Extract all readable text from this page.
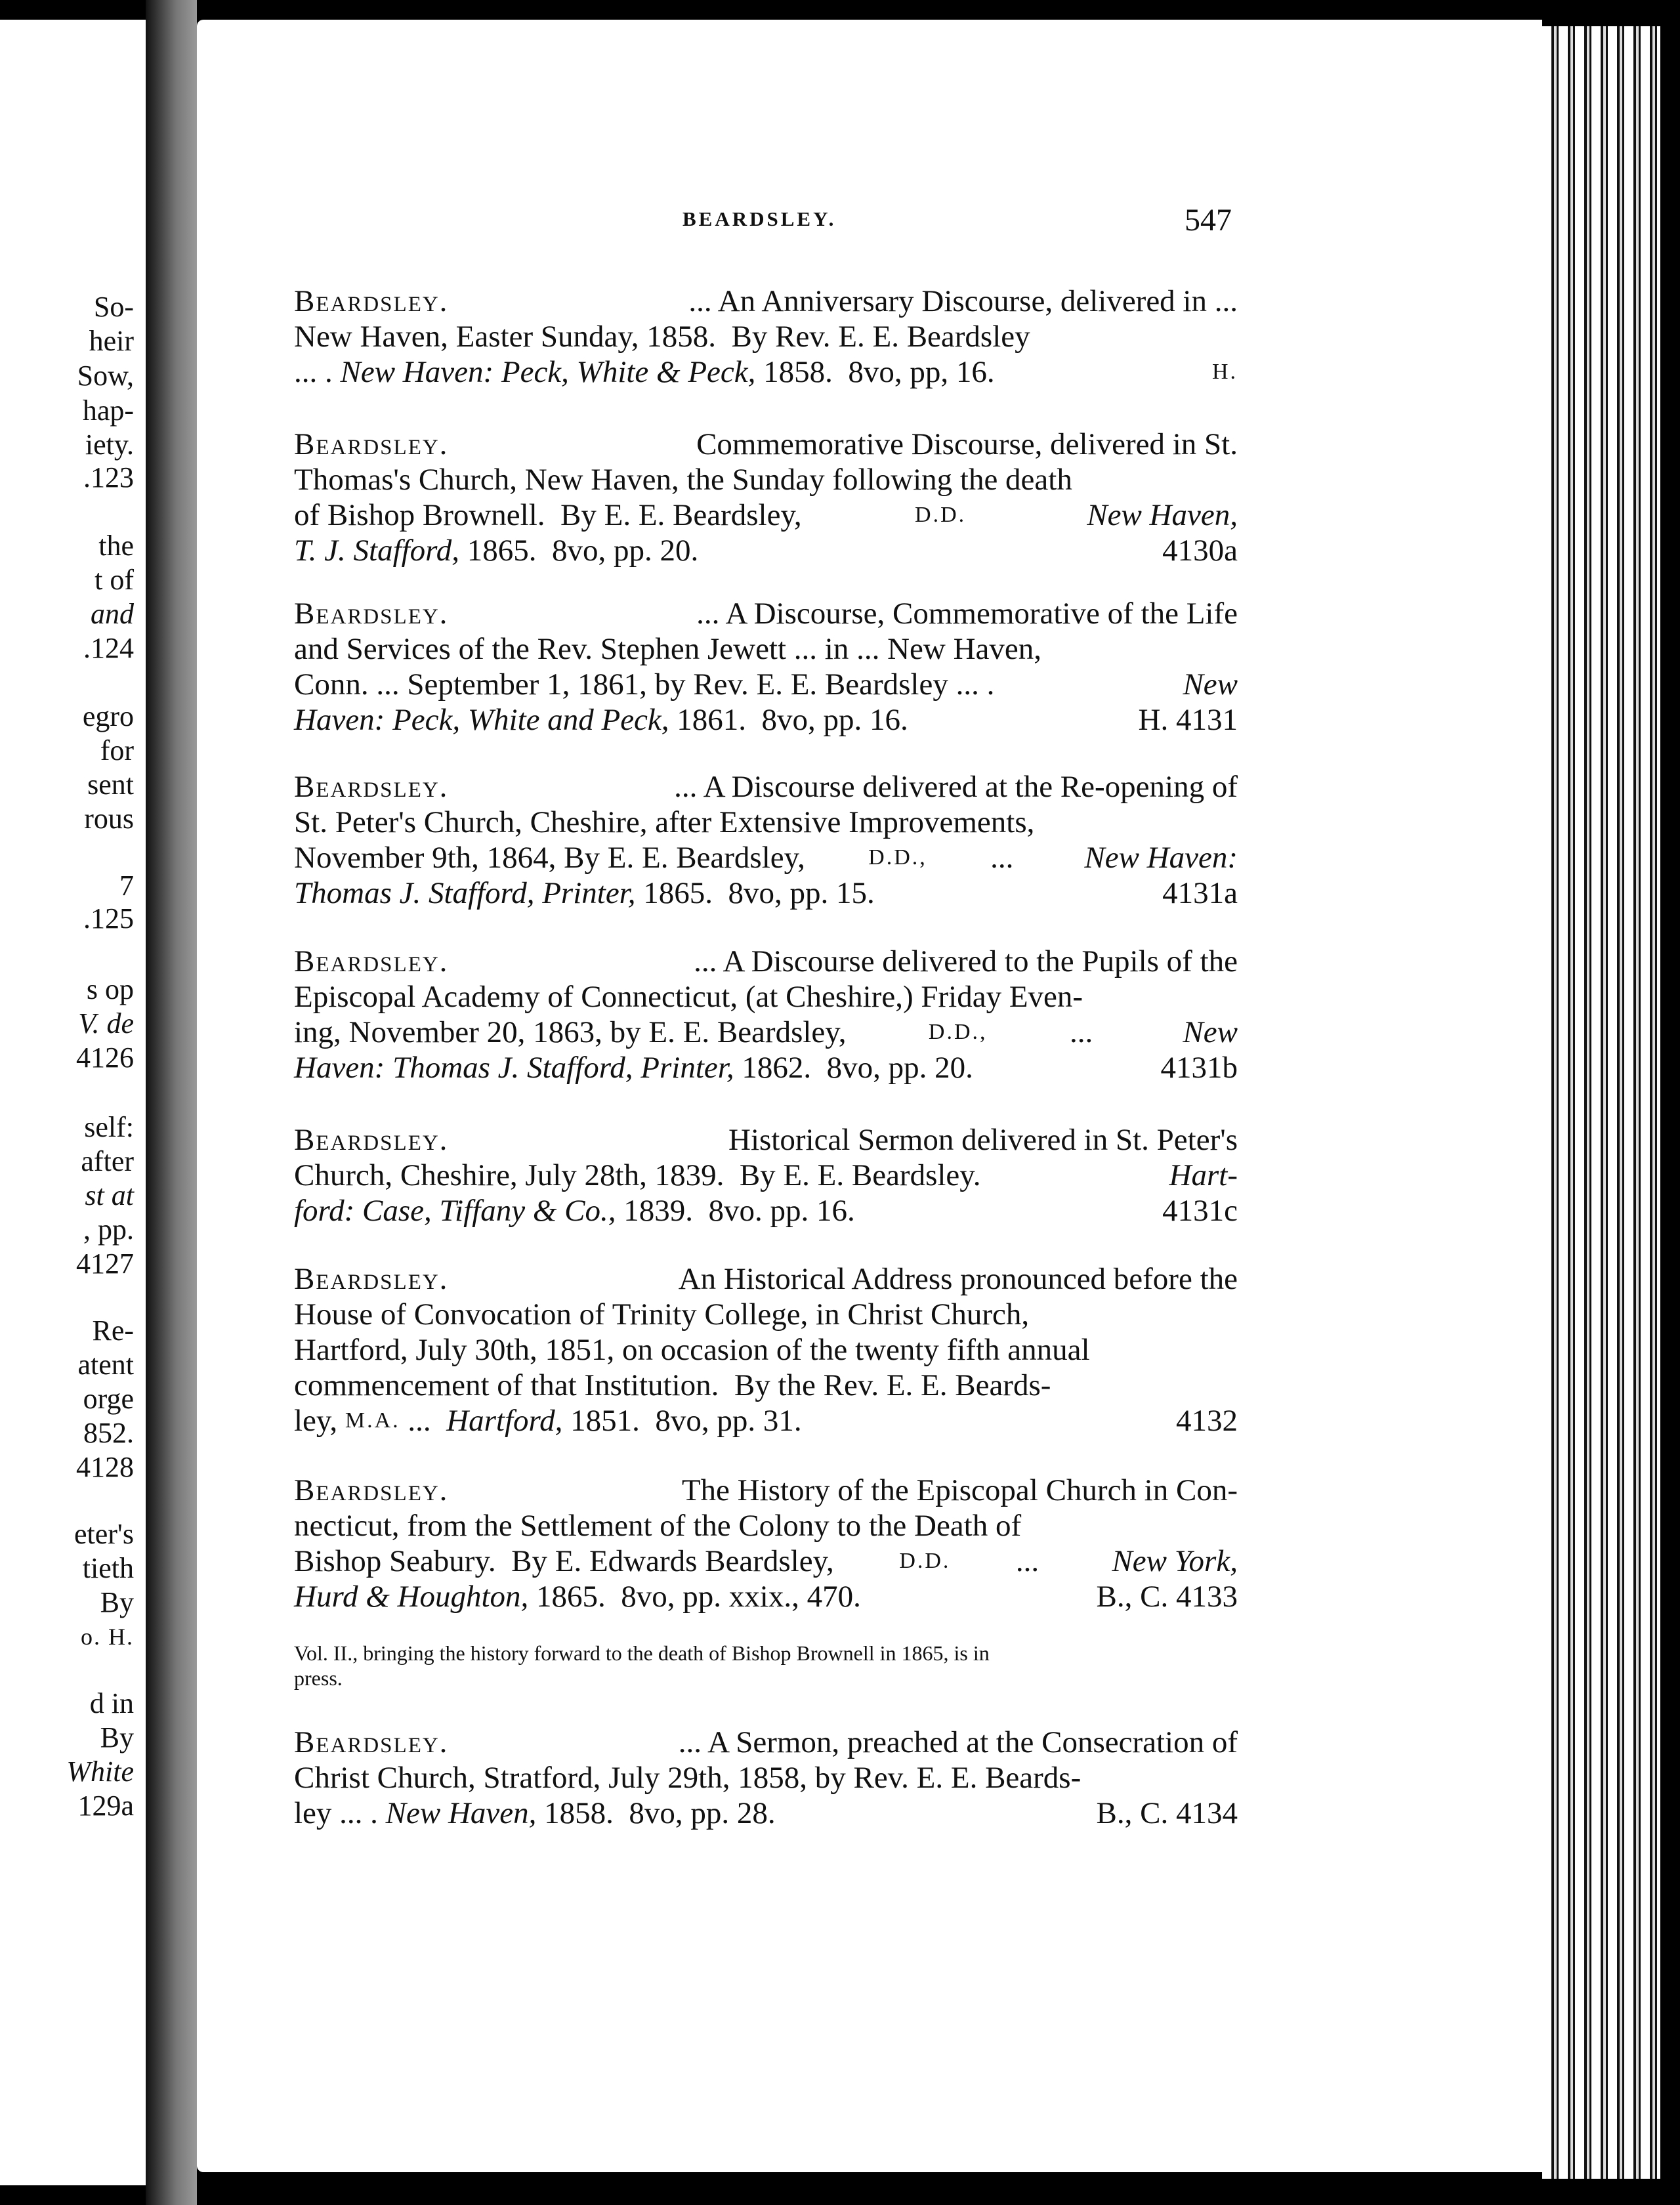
So-
heir
Sow,
hap-
iety.
.123
the
t of
and
.124
egro
for
sent
rous
7
.125
s op
V. de
4126
self:
after
st at
, pp.
4127
Re-
atent
orge
852.
4128
eter's
tieth
By
o. H.
d in
By
White
129a
BEARDSLEY.	547
Beardsley.	... An Anniversary Discourse, delivered in ...
New Haven, Easter Sunday, 1858.  By Rev. E. E. Beardsley
... . New Haven: Peck, White & Peck, 1858.  8vo, pp, 16.	H.
Beardsley.	Commemorative Discourse, delivered in St.
Thomas's Church, New Haven, the Sunday following the death
of Bishop Brownell.  By E. E. Beardsley,	D.D.	New Haven,
T. J. Stafford, 1865.  8vo, pp. 20.	4130a
Beardsley.	... A Discourse, Commemorative of the Life
and Services of the Rev. Stephen Jewett ... in ... New Haven,
Conn. ... September 1, 1861, by Rev. E. E. Beardsley ... .	New
Haven: Peck, White and Peck, 1861.  8vo, pp. 16.	H. 4131
Beardsley.	... A Discourse delivered at the Re-opening of
St. Peter's Church, Cheshire, after Extensive Improvements,
November 9th, 1864, By E. E. Beardsley, D.D., ... New Haven:
Thomas J. Stafford, Printer, 1865.  8vo, pp. 15.	4131a
Beardsley.	... A Discourse delivered to the Pupils of the
Episcopal Academy of Connecticut, (at Cheshire,) Friday Even-
ing, November 20, 1863, by E. E. Beardsley,	D.D., ... New
Haven: Thomas J. Stafford, Printer, 1862.  8vo, pp. 20.	4131b
Beardsley.	Historical Sermon delivered in St. Peter's
Church, Cheshire, July 28th, 1839.  By E. E. Beardsley.	Hart-
ford: Case, Tiffany & Co., 1839.  8vo. pp. 16.	4131c
Beardsley.	An Historical Address pronounced before the
House of Convocation of Trinity College, in Christ Church,
Hartford, July 30th, 1851, on occasion of the twenty fifth annual
commencement of that Institution.  By the Rev. E. E. Beards-
ley, M.A. ... Hartford, 1851.  8vo, pp. 31.	4132
Beardsley.	The History of the Episcopal Church in Con-
necticut, from the Settlement of the Colony to the Death of
Bishop Seabury.  By E. Edwards Beardsley,	D.D. ... New York,
Hurd & Houghton, 1865.  8vo, pp. xxix., 470.	B., C. 4133
Beardsley.	... A Sermon, preached at the Consecration of
Christ Church, Stratford, July 29th, 1858, by Rev. E. E. Beards-
ley ... . New Haven, 1858.  8vo, pp. 28.	B., C. 4134
Vol. II., bringing the history forward to the death of Bishop Brownell in 1865, is in
press.
